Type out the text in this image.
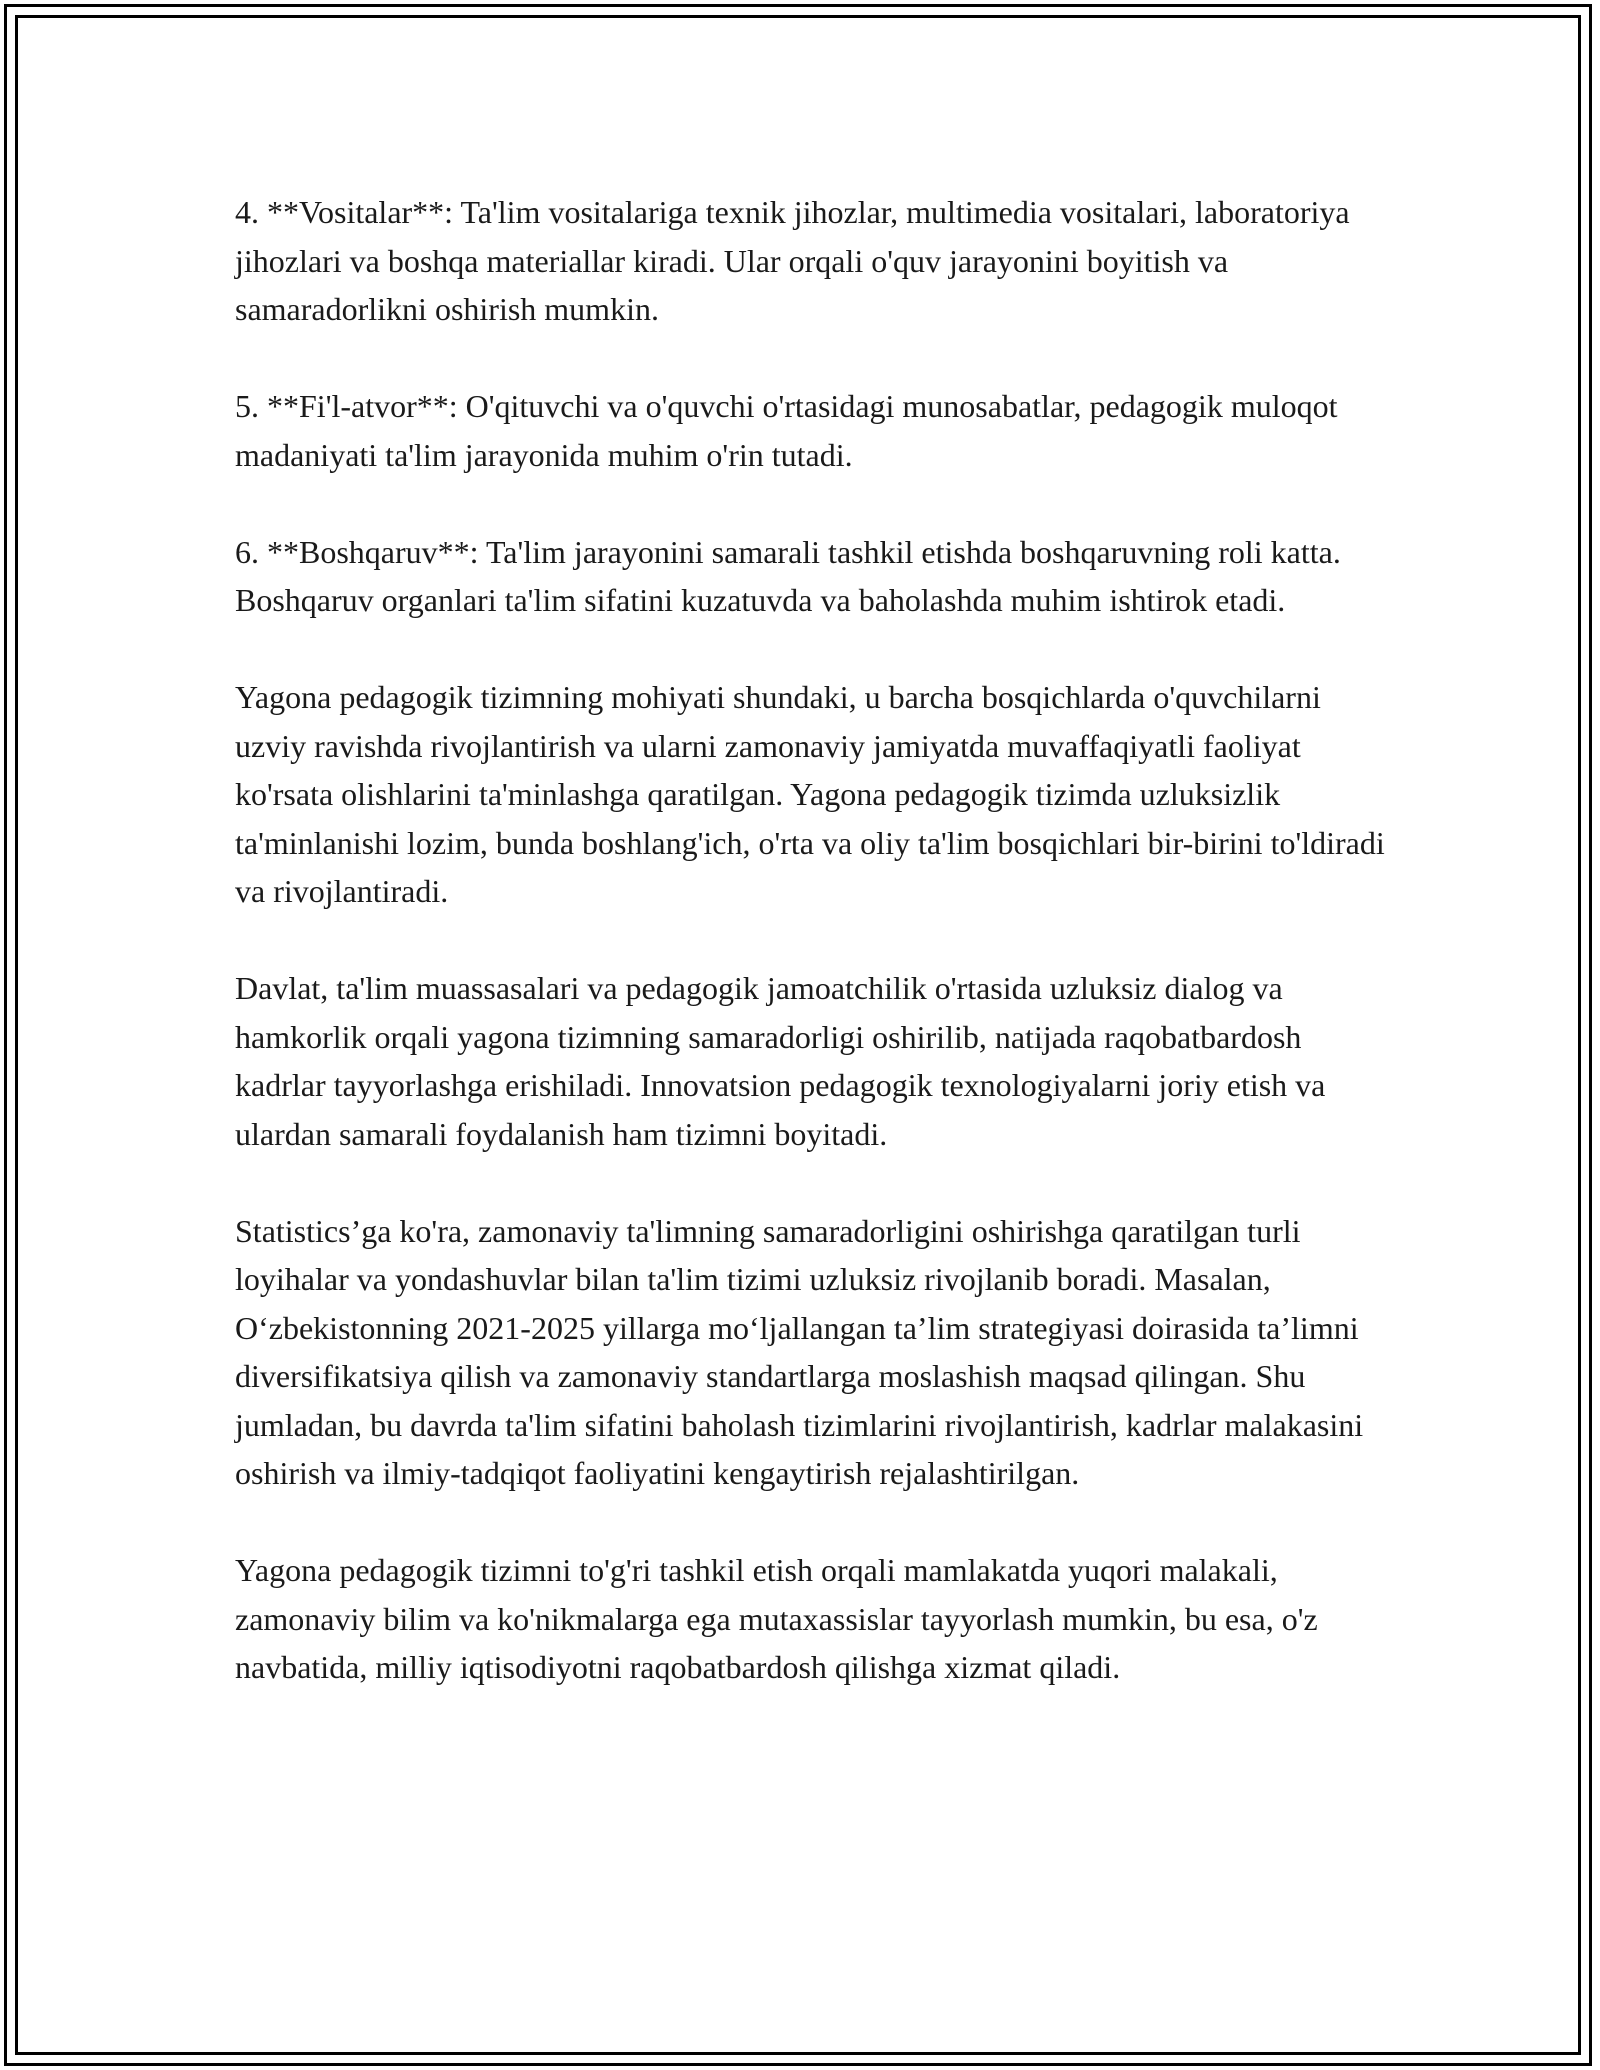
4. **Vositalar**: Ta'lim vositalariga texnik jihozlar, multimedia vositalari, laboratoriya jihozlari va boshqa materiallar kiradi. Ular orqali o'quv jarayonini boyitish va samaradorlikni oshirish mumkin.

5. **Fi'l-atvor**: O'qituvchi va o'quvchi o'rtasidagi munosabatlar, pedagogik muloqot madaniyati ta'lim jarayonida muhim o'rin tutadi.

6. **Boshqaruv**: Ta'lim jarayonini samarali tashkil etishda boshqaruvning roli katta. Boshqaruv organlari ta'lim sifatini kuzatuvda va baholashda muhim ishtirok etadi.

Yagona pedagogik tizimning mohiyati shundaki, u barcha bosqichlarda o'quvchilarni uzviy ravishda rivojlantirish va ularni zamonaviy jamiyatda muvaffaqiyatli faoliyat ko'rsata olishlarini ta'minlashga qaratilgan. Yagona pedagogik tizimda uzluksizlik ta'minlanishi lozim, bunda boshlang'ich, o'rta va oliy ta'lim bosqichlari bir-birini to'ldiradi va rivojlantiradi.

Davlat, ta'lim muassasalari va pedagogik jamoatchilik o'rtasida uzluksiz dialog va hamkorlik orqali yagona tizimning samaradorligi oshirilib, natijada raqobatbardosh kadrlar tayyorlashga erishiladi. Innovatsion pedagogik texnologiyalarni joriy etish va ulardan samarali foydalanish ham tizimni boyitadi.

Statistics’ga ko'ra, zamonaviy ta'limning samaradorligini oshirishga qaratilgan turli loyihalar va yondashuvlar bilan ta'lim tizimi uzluksiz rivojlanib boradi. Masalan, O‘zbekistonning 2021-2025 yillarga mo‘ljallangan ta’lim strategiyasi doirasida ta’limni diversifikatsiya qilish va zamonaviy standartlarga moslashish maqsad qilingan. Shu jumladan, bu davrda ta'lim sifatini baholash tizimlarini rivojlantirish, kadrlar malakasini oshirish va ilmiy-tadqiqot faoliyatini kengaytirish rejalashtirilgan.

Yagona pedagogik tizimni to'g'ri tashkil etish orqali mamlakatda yuqori malakali, zamonaviy bilim va ko'nikmalarga ega mutaxassislar tayyorlash mumkin, bu esa, o'z navbatida, milliy iqtisodiyotni raqobatbardosh qilishga xizmat qiladi.
